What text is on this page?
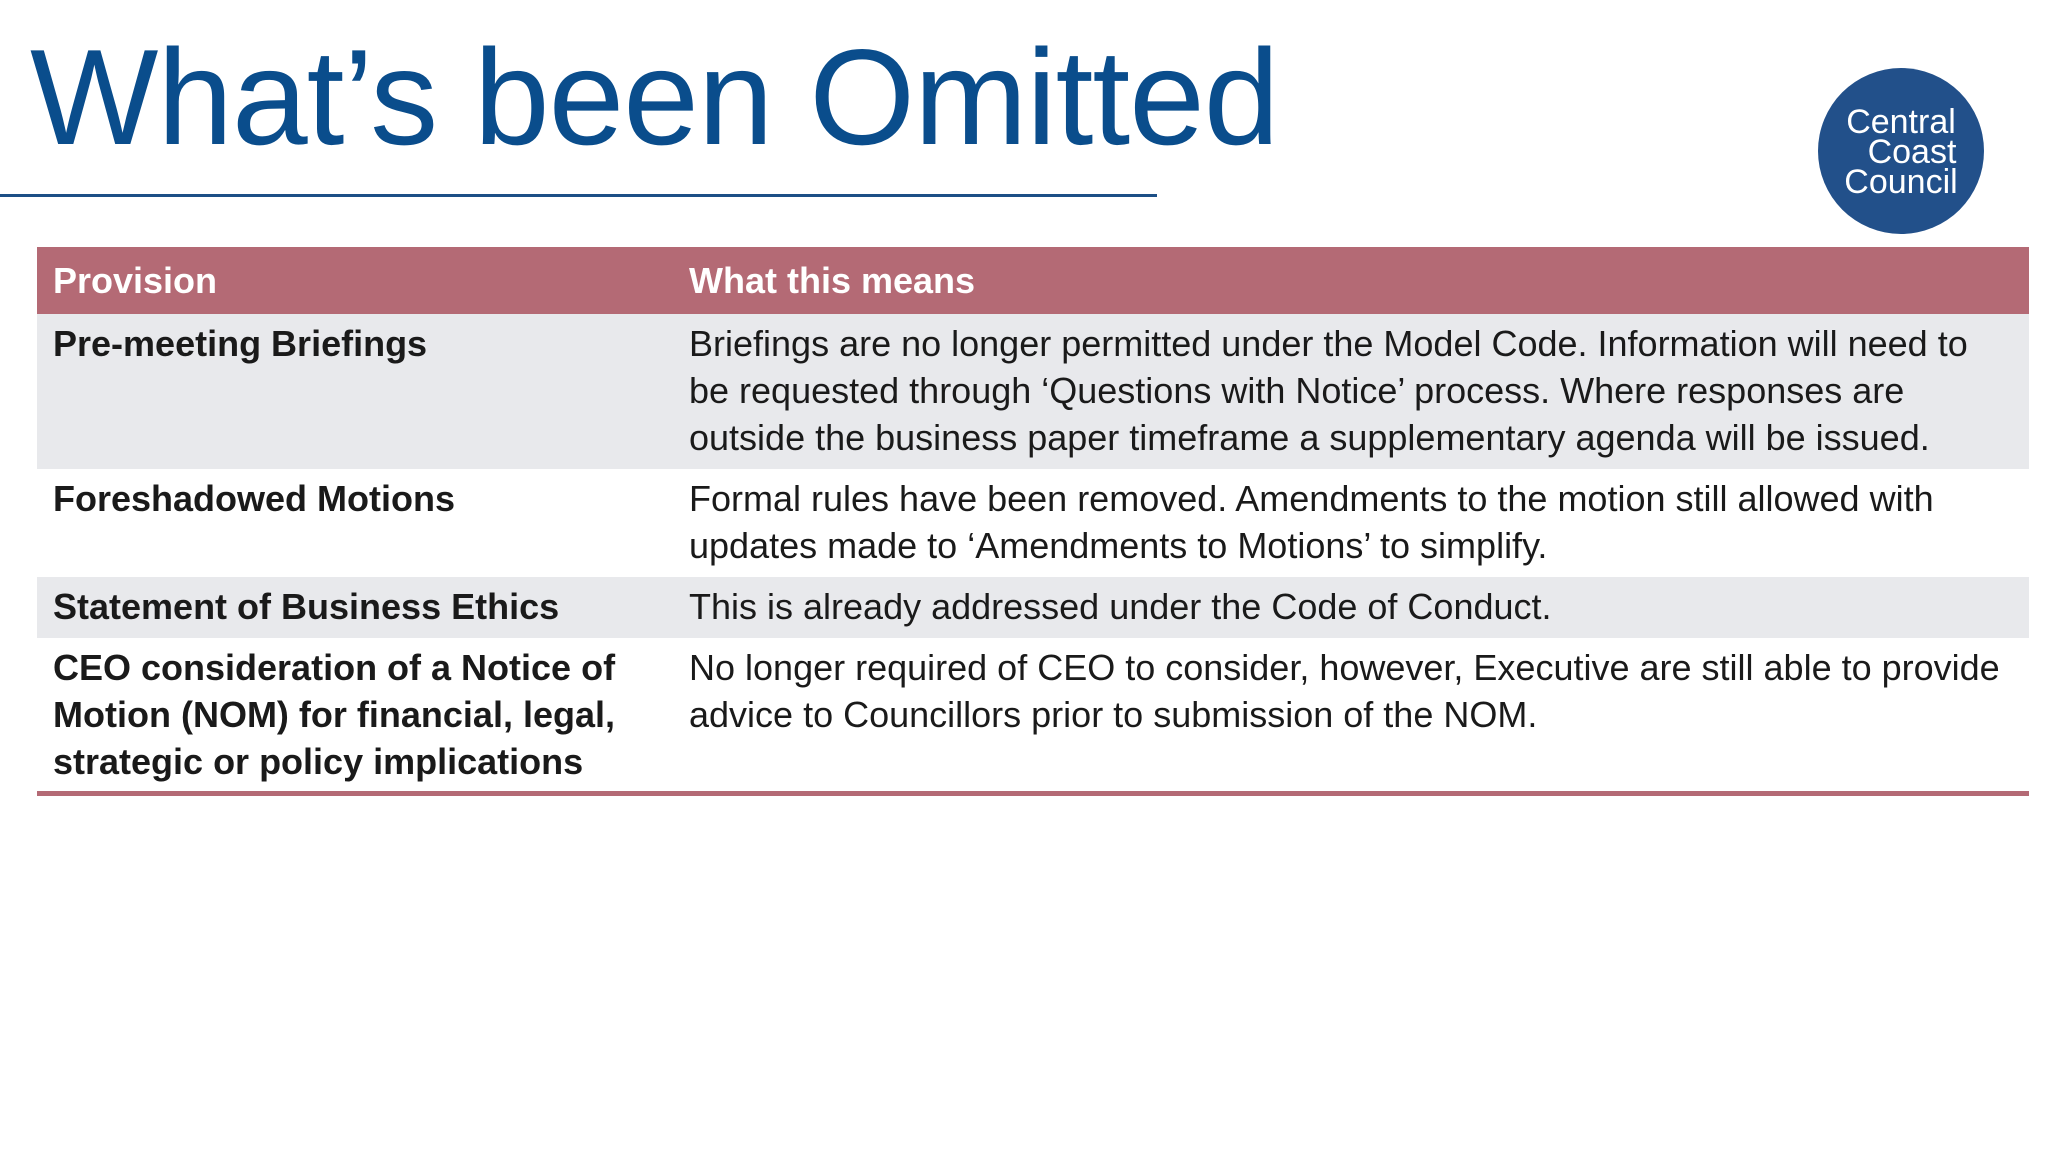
What’s been Omitted	Central
Coast
Council
Provision	What this means
Pre-meeting Briefings	Briefings are no longer permitted under the Model Code. Information will need to be requested through ‘Questions with Notice’ process. Where responses are outside the business paper timeframe a supplementary agenda will be issued.
Foreshadowed Motions	Formal rules have been removed. Amendments to the motion still allowed with updates made to ‘Amendments to Motions’ to simplify.
Statement of Business Ethics	This is already addressed under the Code of Conduct.
CEO consideration of a Notice of Motion (NOM) for financial, legal, strategic or policy implications	No longer required of CEO to consider, however, Executive are still able to provide advice to Councillors prior to submission of the NOM.
